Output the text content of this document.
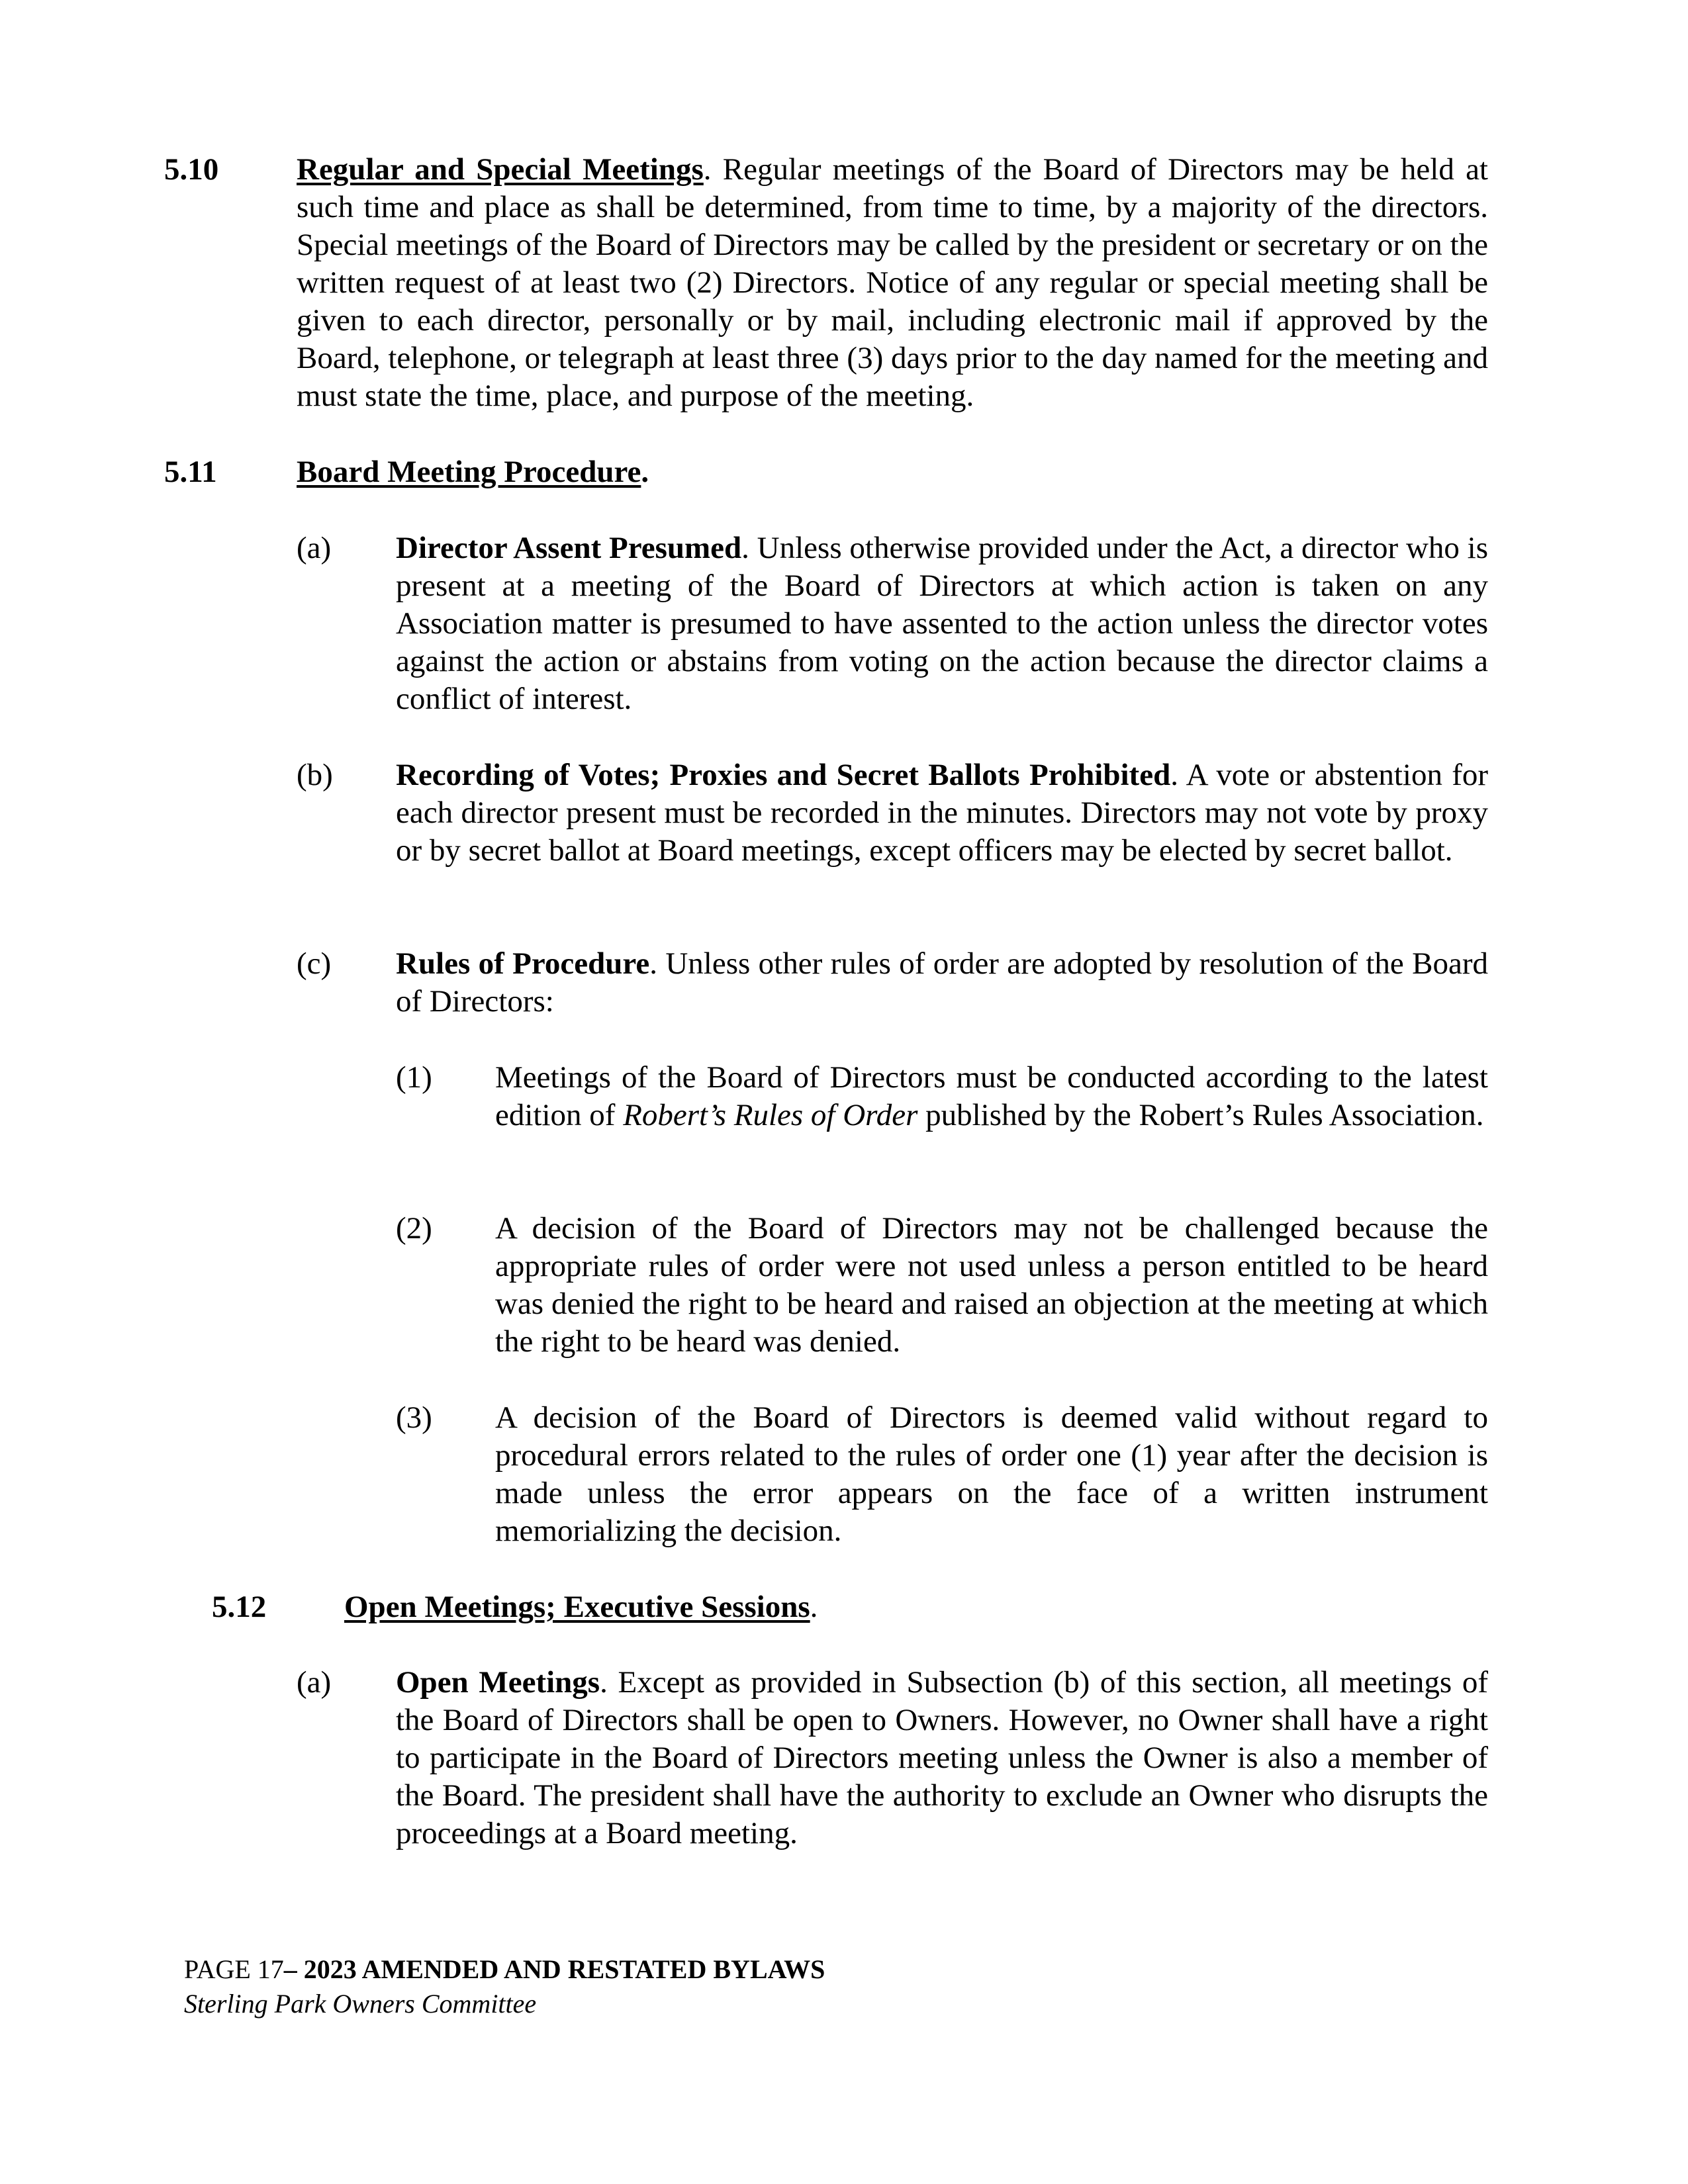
5.10	Regular and Special Meetings. Regular meetings of the Board of Directors may be held at such time and place as shall be determined, from time to time, by a majority of the directors. Special meetings of the Board of Directors may be called by the president or secretary or on the written request of at least two (2) Directors. Notice of any regular or special meeting shall be given to each director, personally or by mail, including electronic mail if approved by the Board, telephone, or telegraph at least three (3) days prior to the day named for the meeting and must state the time, place, and purpose of the meeting.
5.11	Board Meeting Procedure.
(a) Director Assent Presumed. Unless otherwise provided under the Act, a director who is present at a meeting of the Board of Directors at which action is taken on any Association matter is presumed to have assented to the action unless the director votes against the action or abstains from voting on the action because the director claims a conflict of interest.
(b) Recording of Votes; Proxies and Secret Ballots Prohibited. A vote or abstention for each director present must be recorded in the minutes. Directors may not vote by proxy or by secret ballot at Board meetings, except officers may be elected by secret ballot.
(c) Rules of Procedure. Unless other rules of order are adopted by resolution of the Board of Directors:
(1) Meetings of the Board of Directors must be conducted according to the latest edition of Robert’s Rules of Order published by the Robert’s Rules Association.
(2) A decision of the Board of Directors may not be challenged because the appropriate rules of order were not used unless a person entitled to be heard was denied the right to be heard and raised an objection at the meeting at which the right to be heard was denied.
(3) A decision of the Board of Directors is deemed valid without regard to procedural errors related to the rules of order one (1) year after the decision is made unless the error appears on the face of a written instrument memorializing the decision.
5.12	Open Meetings; Executive Sessions.
(a) Open Meetings. Except as provided in Subsection (b) of this section, all meetings of the Board of Directors shall be open to Owners. However, no Owner shall have a right to participate in the Board of Directors meeting unless the Owner is also a member of the Board. The president shall have the authority to exclude an Owner who disrupts the proceedings at a Board meeting.
PAGE 17– 2023 AMENDED AND RESTATED BYLAWS
Sterling Park Owners Committee
